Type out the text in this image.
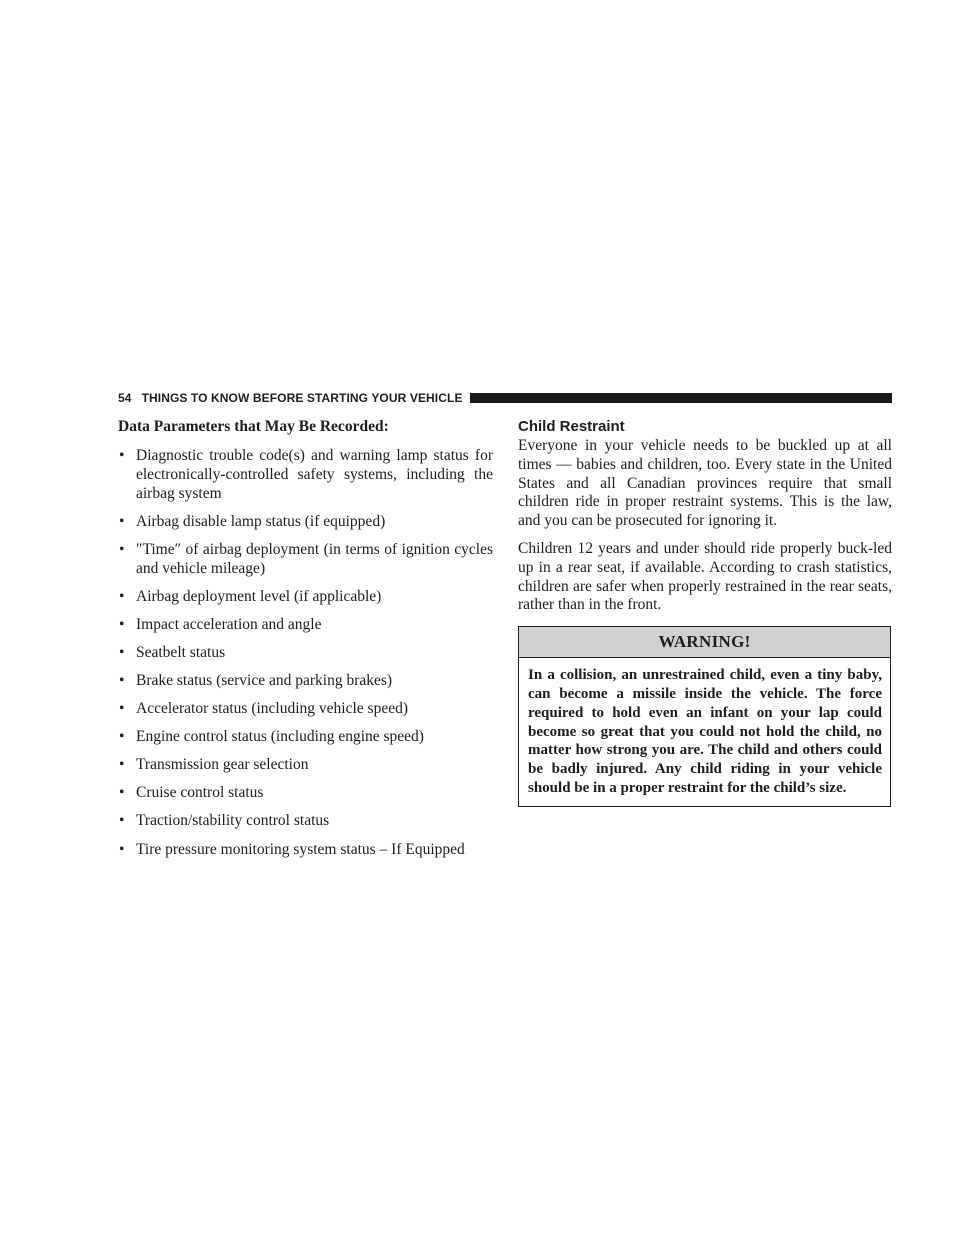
54 THINGS TO KNOW BEFORE STARTING YOUR VEHICLE
Data Parameters that May Be Recorded:
• Diagnostic trouble code(s) and warning lamp status for electronically-controlled safety systems, including the airbag system
• Airbag disable lamp status (if equipped)
• ″Time″ of airbag deployment (in terms of ignition cycles and vehicle mileage)
• Airbag deployment level (if applicable)
• Impact acceleration and angle
• Seatbelt status
• Brake status (service and parking brakes)
• Accelerator status (including vehicle speed)
• Engine control status (including engine speed)
• Transmission gear selection
• Cruise control status
• Traction/stability control status
• Tire pressure monitoring system status – If Equipped
Child Restraint

Everyone in your vehicle needs to be buckled up at all times — babies and children, too. Every state in the United States and all Canadian provinces require that small children ride in proper restraint systems. This is the law, and you can be prosecuted for ignoring it.

Children 12 years and under should ride properly buck-led up in a rear seat, if available. According to crash statistics, children are safer when properly restrained in the rear seats, rather than in the front.

WARNING!

In a collision, an unrestrained child, even a tiny baby, can become a missile inside the vehicle. The force required to hold even an infant on your lap could become so great that you could not hold the child, no matter how strong you are. The child and others could be badly injured. Any child riding in your vehicle should be in a proper restraint for the child’s size.
